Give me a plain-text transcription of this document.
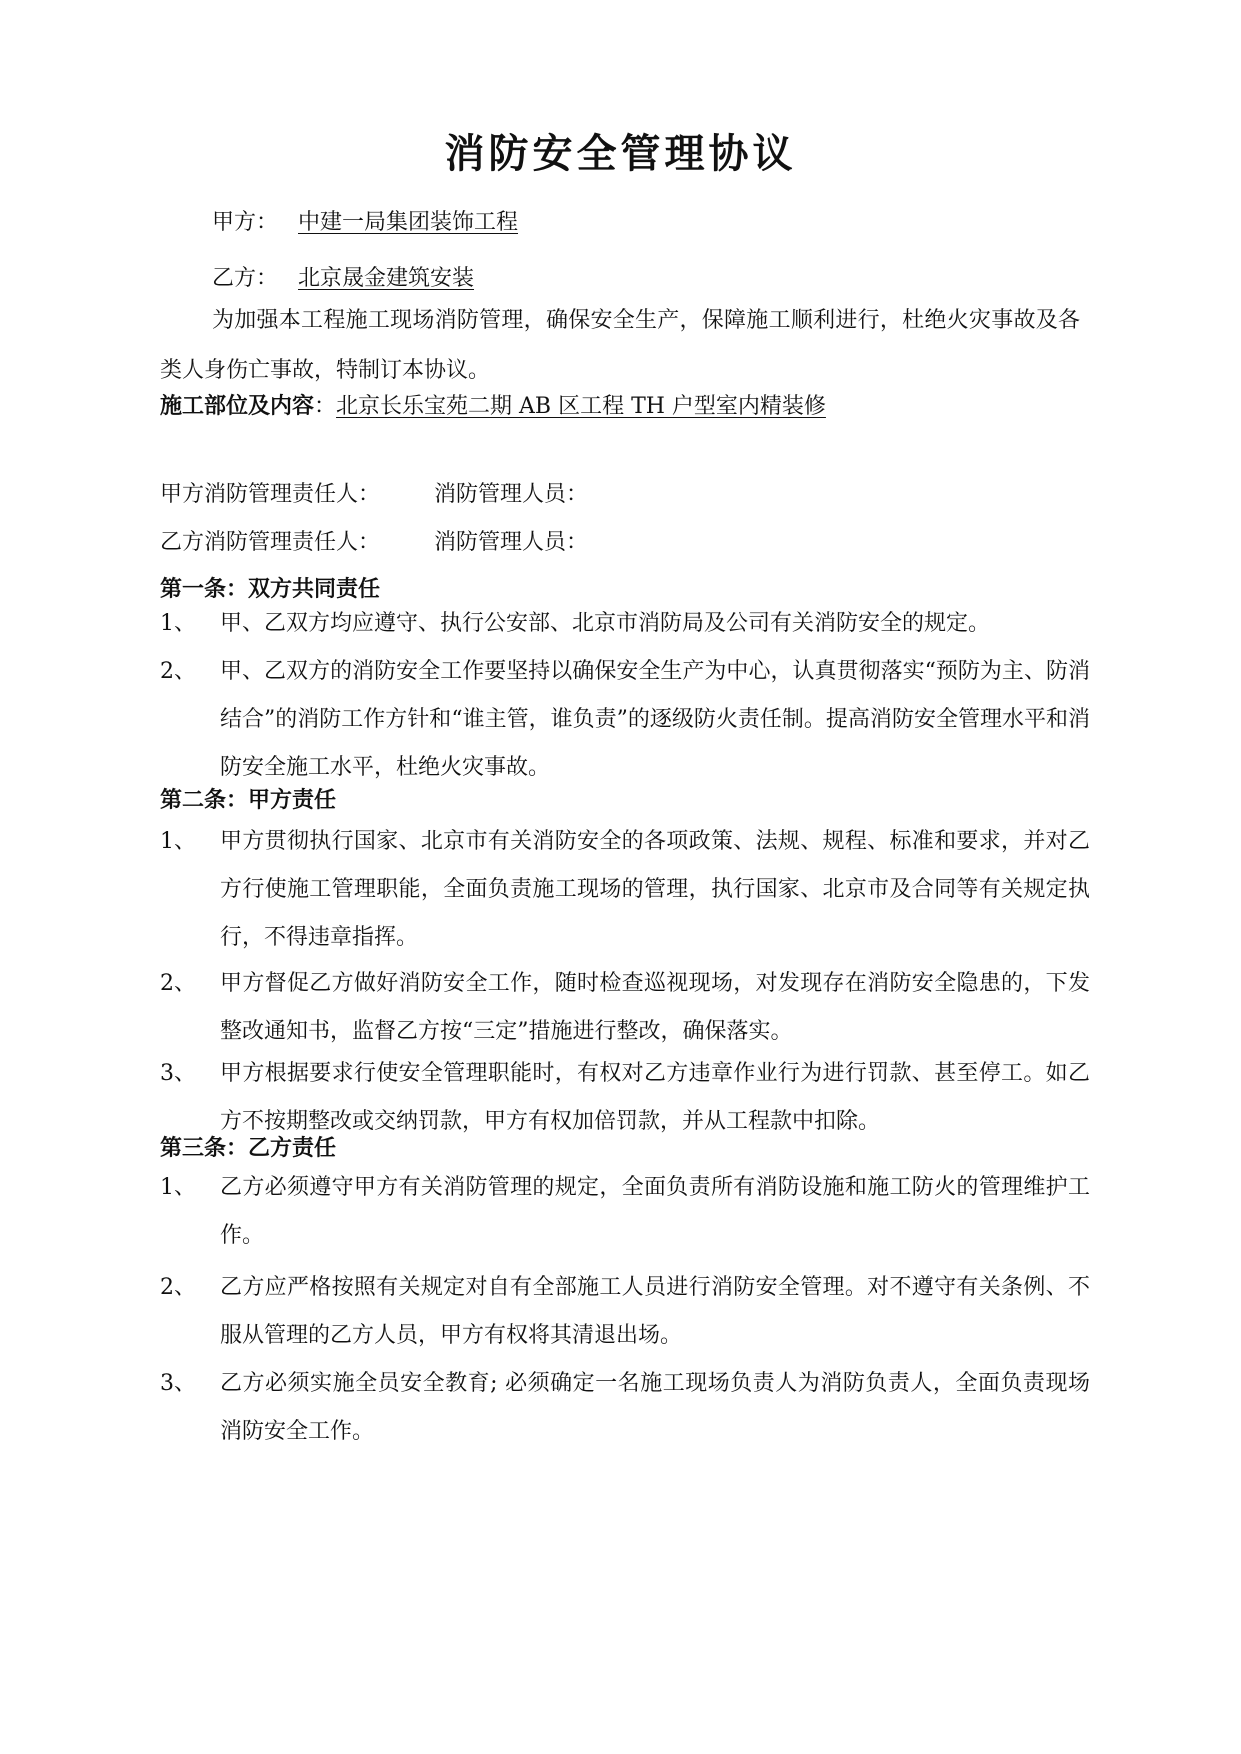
消防安全管理协议
甲方： 中建一局集团装饰工程
乙方： 北京晟金建筑安装
为加强本工程施工现场消防管理，确保安全生产，保障施工顺利进行，杜绝火灾事故及各类人身伤亡事故，特制订本协议。
施工部位及内容：北京长乐宝苑二期 AB 区工程 TH 户型室内精装修
甲方消防管理责任人： 消防管理人员：
乙方消防管理责任人： 消防管理人员：
第一条：双方共同责任
1、	甲、乙双方均应遵守、执行公安部、北京市消防局及公司有关消防安全的规定。
2、	甲、乙双方的消防安全工作要坚持以确保安全生产为中心，认真贯彻落实“预防为主、防消结合”的消防工作方针和“谁主管，谁负责”的逐级防火责任制。提高消防安全管理水平和消防安全施工水平，杜绝火灾事故。
第二条：甲方责任
1、	甲方贯彻执行国家、北京市有关消防安全的各项政策、法规、规程、标准和要求，并对乙方行使施工管理职能，全面负责施工现场的管理，执行国家、北京市及合同等有关规定执行，不得违章指挥。
2、	甲方督促乙方做好消防安全工作，随时检查巡视现场，对发现存在消防安全隐患的，下发整改通知书，监督乙方按“三定”措施进行整改，确保落实。
3、	甲方根据要求行使安全管理职能时，有权对乙方违章作业行为进行罚款、甚至停工。如乙方不按期整改或交纳罚款，甲方有权加倍罚款，并从工程款中扣除。
第三条：乙方责任
1、	乙方必须遵守甲方有关消防管理的规定，全面负责所有消防设施和施工防火的管理维护工作。
2、	乙方应严格按照有关规定对自有全部施工人员进行消防安全管理。对不遵守有关条例、不服从管理的乙方人员，甲方有权将其清退出场。
3、	乙方必须实施全员安全教育; 必须确定一名施工现场负责人为消防负责人，全面负责现场消防安全工作。
